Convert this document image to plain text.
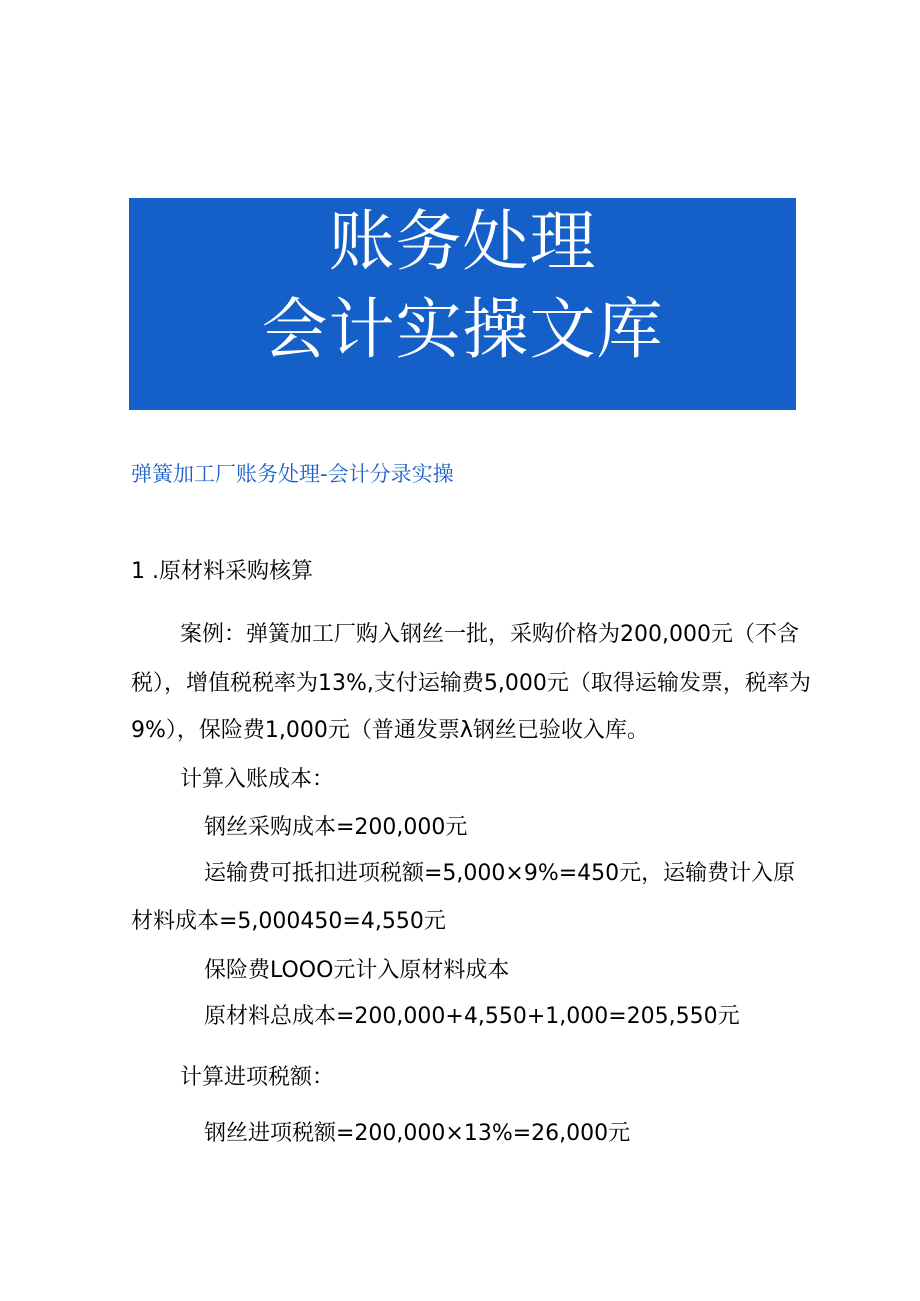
账务处理
会计实操文库
弹簧加工厂账务处理-会计分录实操
1 .原材料采购核算
案例：弹簧加工厂购入钢丝一批，采购价格为200,000元（不含
税），增值税税率为13%,支付运输费5,000元（取得运输发票，税率为
9%），保险费1,000元（普通发票λ钢丝已验收入库。
计算入账成本：
钢丝采购成本=200,000元
运输费可抵扣进项税额=5,000×9%=450元，运输费计入原
材料成本=5,000450=4,550元
保险费LOOO元计入原材料成本
原材料总成本=200,000+4,550+1,000=205,550元
计算进项税额：
钢丝进项税额=200,000×13%=26,000元
